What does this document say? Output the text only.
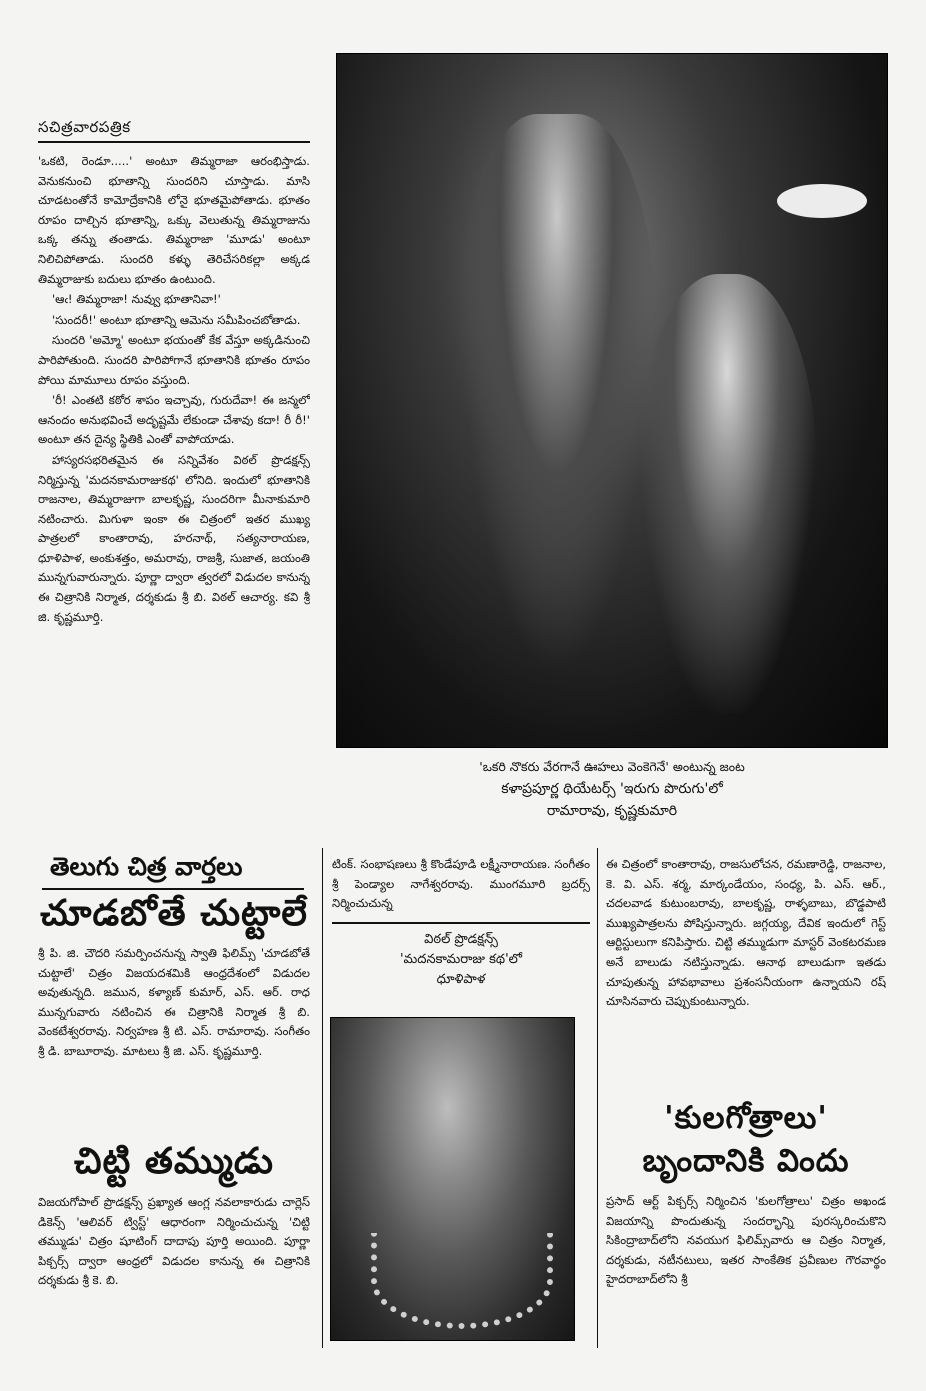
సచిత్రవారపత్రిక
'ఒకరి నొకరు వేరగానే ఊహలు వెంకెగెనే' అంటున్న జంట
కళాప్రపూర్ణ థియేటర్స్ 'ఇరుగు పొరుగు'లో
రామారావు, కృష్ణకుమారి

'ఒకటి, రెండూ.....' అంటూ తిమ్మరాజా ఆరంభిస్తాడు. వెనుకనుంచి భూతాన్ని సుందరిని చూస్తాడు. మాసి చూడటంతోనే కామోద్రేకానికి లోనై భూతమైపోతాడు. భూతం రూపం దాల్చిన భూతాన్ని, ఒక్కు వెలుతున్న తిమ్మరాజును ఒక్క తన్ను తంతాడు. తిమ్మరాజా 'మూడు' అంటూ నిలిచిపోతాడు. సుందరి కళ్ళు తెరిచేసరికల్లా అక్కడ తిమ్మరాజుకు బదులు భూతం ఉంటుంది.

'ఆఁ! తిమ్మరాజా! నువ్వు భూతానివా!'

'సుందరీ!' అంటూ భూతాన్ని ఆమెను సమీపించబోతాడు.

సుందరి 'అమ్మో' అంటూ భయంతో కేక వేస్తూ అక్కడినుంచి పారిపోతుంది. సుందరి పారిపోగానే భూతానికి భూతం రూపం పోయి మామూలు రూపం వస్తుంది.

'రీ! ఎంతటి కఠోర శాపం ఇచ్చావు, గురుదేవా! ఈ జన్మలో ఆనందం అనుభవించే అదృష్టమే లేకుండా చేశావు కదా! రీ రీ!' అంటూ తన దైన్య స్థితికి ఎంతో వాపోయాడు.

హాస్యరసభరితమైన ఈ సన్నివేశం విఠల్ ప్రొడక్షన్స్ నిర్మిస్తున్న 'మదనకామరాజుకథ' లోనిది. ఇందులో భూతానికి రాజనాల, తిమ్మరాజుగా బాలకృష్ణ, సుందరిగా మీనాకుమారి నటించారు. మిగుళా ఇంకా ఈ చిత్రంలో ఇతర ముఖ్య పాత్రలలో కాంతారావు, హరనాథ్, సత్యనారాయణ, ధూళిపాళ, అంకుశత్తం, అమరావు, రాజశ్రీ, సుజాత, జయంతి మున్నగువారున్నారు. పూర్ణా ద్వారా త్వరలో విడుదల కానున్న ఈ చిత్రానికి నిర్మాత, దర్శకుడు శ్రీ బి. విఠల్ ఆచార్య. కవి శ్రీ జి. కృష్ణమూర్తి.

తెలుగు చిత్ర వార్తలు
చూడబోతే చుట్టాలే
శ్రీ పి. జి. చౌదరి సమర్పించనున్న స్వాతి ఫిలిమ్స్ 'చూడబోతే చుట్టాలే' చిత్రం విజయదశమికి ఆంధ్రదేశంలో విడుదల అవుతున్నది. జమున, కళ్యాణ్ కుమార్, ఎస్. ఆర్. రాధ మున్నగువారు నటించిన ఈ చిత్రానికి నిర్మాత శ్రీ బి. వెంకటేశ్వరరావు. నిర్వహణ శ్రీ టి. ఎస్. రామారావు. సంగీతం శ్రీ డి. బాబూరావు. మాటలు శ్రీ జి. ఎస్. కృష్ణమూర్తి.
చిట్టి తమ్ముడు
విజయగోపాల్ ప్రొడక్షన్స్ ప్రఖ్యాత ఆంగ్ల నవలాకారుడు చార్లెస్ డికెన్స్ 'ఆలివర్ ట్విస్ట్' ఆధారంగా నిర్మించుచున్న 'చిట్టి తమ్ముడు' చిత్రం షూటింగ్ దాదాపు పూర్తి అయింది. పూర్ణా పిక్చర్స్ ద్వారా ఆంధ్రలో విడుదల కానున్న ఈ చిత్రానికి దర్శకుడు శ్రీ కె. బి.
టింక్. సంభాషణలు శ్రీ కొండేపూడి లక్ష్మీనారాయణ. సంగీతం శ్రీ పెండ్యాల నాగేశ్వరరావు. ముంగమూరి బ్రదర్స్ నిర్మించుచున్న
విఠల్ ప్రొడక్షన్స్
'మదనకామరాజు కథ'లో
ధూళిపాళ
ఈ చిత్రంలో కాంతారావు, రాజసులోచన, రమణారెడ్డి, రాజనాల, కె. వి. ఎస్. శర్మ, మార్కండేయం, సంధ్య, పి. ఎస్. ఆర్., చదలవాడ కుటుంబరావు, బాలకృష్ణ, రాళ్ళబాబు, బొడ్డపాటి ముఖ్యపాత్రలను పోషిస్తున్నారు. జగ్గయ్య, దేవిక ఇందులో గెస్ట్ ఆర్టిస్టులుగా కనిపిస్తారు. చిట్టి తమ్ముడుగా మాస్టర్ వెంకటరమణ అనే బాలుడు నటిస్తున్నాడు. ఆనాథ బాలుడుగా ఇతడు చూపుతున్న హావభావాలు ప్రశంసనీయంగా ఉన్నాయని రష్ చూసినవారు చెప్పుకుంటున్నారు.
'కులగోత్రాలు'
బృందానికి విందు
ప్రసాద్ ఆర్ట్ పిక్చర్స్ నిర్మించిన 'కులగోత్రాలు' చిత్రం అఖండ విజయాన్ని పొందుతున్న సందర్భాన్ని పురస్కరించుకొని సికింద్రాబాద్‌లోని నవయుగ ఫిలిమ్స్‌వారు ఆ చిత్రం నిర్మాత, దర్శకుడు, నటీనటులు, ఇతర సాంకేతిక ప్రవీణుల గౌరవార్థం హైదరాబాద్‌లోని శ్రీ
